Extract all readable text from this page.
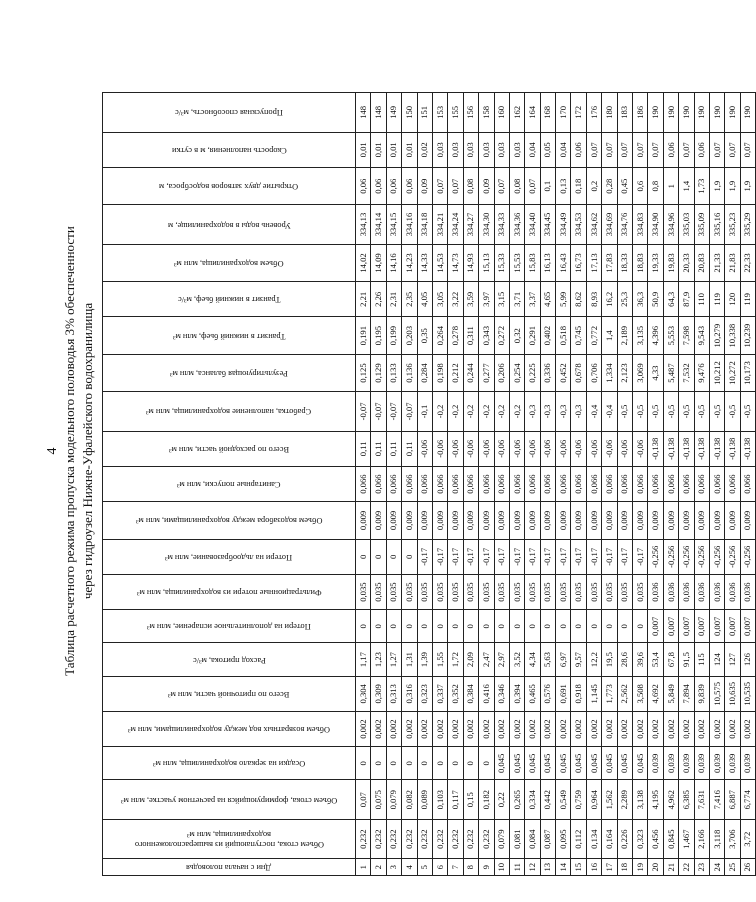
4 Таблица расчетного режима пропуска модельного половодья 3% обеспеченности через гидроузел Нижне-Уфалейского водохранилища
Дни с начала половодья	Объем стока, поступающий из вышерасположенного водохранилища, млн м³	Объем стока, формирующийся на расчетном участке, млн м³	Осадки на зеркало водохранилища, млн м³	Объем возвратных вод между водохранилищами, млн м³	Всего по приточной части, млн м³	Расход притока, м³/с	Потери на дополнительное испарение, млн м³	Фильтрационные потери из водохранилища, млн м³	Потери на льдообразование, млн м³	Объем водозабора между водохранилищами, млн м³	Санитарные попуски, млн м³	Всего по расходной части, млн м³	Сработка, наполнение водохранилища, млн м³	Результирующая баланса, млн м³	Транзит в нижний бьеф, млн м³	Транзит в нижний бьеф, м³/с	Объем водохранилища, млн м³	Уровень воды в водохранилище, м	Открытие двух затворов водосброса, м	Скорость наполнения, м в сутки	Пропускная способность, м³/с

1	0,232	0,07	0	0,002	0,304	1,17	0	0,035	0	0,009	0,066	0,11	-0,07	0,125	0,191	2,21	14,02	334,13	0,06	0,01	148
2	0,232	0,075	0	0,002	0,309	1,23	0	0,035	0	0,009	0,066	0,11	-0,07	0,129	0,195	2,26	14,09	334,14	0,06	0,01	148
3	0,232	0,079	0	0,002	0,313	1,27	0	0,035	0	0,009	0,066	0,11	-0,07	0,133	0,199	2,31	14,16	334,15	0,06	0,01	149
4	0,232	0,082	0	0,002	0,316	1,31	0	0,035	0	0,009	0,066	0,11	-0,07	0,136	0,203	2,35	14,23	334,16	0,06	0,01	150
5	0,232	0,089	0	0,002	0,323	1,39	0	0,035	-0,17	0,009	0,066	-0,06	-0,1	0,284	0,35	4,05	14,33	334,18	0,09	0,02	151
6	0,232	0,103	0	0,002	0,337	1,55	0	0,035	-0,17	0,009	0,066	-0,06	-0,2	0,198	0,264	3,05	14,53	334,21	0,07	0,03	153
7	0,232	0,117	0	0,002	0,352	1,72	0	0,035	-0,17	0,009	0,066	-0,06	-0,2	0,212	0,278	3,22	14,73	334,24	0,07	0,03	155
8	0,232	0,15	0	0,002	0,384	2,09	0	0,035	-0,17	0,009	0,066	-0,06	-0,2	0,244	0,311	3,59	14,93	334,27	0,08	0,03	156
9	0,232	0,182	0	0,002	0,416	2,47	0	0,035	-0,17	0,009	0,066	-0,06	-0,2	0,277	0,343	3,97	15,13	334,30	0,09	0,03	158
10	0,079	0,22	0,045	0,002	0,346	2,97	0	0,035	-0,17	0,009	0,066	-0,06	-0,2	0,206	0,272	3,15	15,33	334,33	0,07	0,03	160
11	0,081	0,265	0,045	0,002	0,394	3,52	0	0,035	-0,17	0,009	0,066	-0,06	-0,2	0,254	0,32	3,71	15,53	334,36	0,08	0,03	162
12	0,084	0,334	0,045	0,002	0,465	4,34	0	0,035	-0,17	0,009	0,066	-0,06	-0,3	0,225	0,291	3,37	15,83	334,40	0,07	0,04	164
13	0,087	0,442	0,045	0,002	0,576	5,63	0	0,035	-0,17	0,009	0,066	-0,06	-0,3	0,336	0,402	4,65	16,13	334,45	0,1	0,05	168
14	0,095	0,549	0,045	0,002	0,691	6,97	0	0,035	-0,17	0,009	0,066	-0,06	-0,3	0,452	0,518	5,99	16,43	334,49	0,13	0,04	170
15	0,112	0,759	0,045	0,002	0,918	9,57	0	0,035	-0,17	0,009	0,066	-0,06	-0,3	0,678	0,745	8,62	16,73	334,53	0,18	0,06	172
16	0,134	0,964	0,045	0,002	1,145	12,2	0	0,035	-0,17	0,009	0,066	-0,06	-0,4	0,706	0,772	8,93	17,13	334,62	0,2	0,07	176
17	0,164	1,562	0,045	0,002	1,773	19,5	0	0,035	-0,17	0,009	0,066	-0,06	-0,4	1,334	1,4	16,2	17,83	334,69	0,28	0,07	180
18	0,226	2,289	0,045	0,002	2,562	28,6	0	0,035	-0,17	0,009	0,066	-0,06	-0,5	2,123	2,189	25,3	18,33	334,76	0,45	0,07	183
19	0,323	3,138	0,045	0,002	3,508	39,6	0	0,035	-0,17	0,009	0,066	-0,06	-0,5	3,069	3,135	36,3	18,83	334,83	0,6	0,07	186
20	0,456	4,195	0,039	0,002	4,692	53,4	0,007	0,036	-0,256	0,009	0,066	-0,138	-0,5	4,33	4,396	50,9	19,33	334,90	0,8	0,07	190
21	0,845	4,962	0,039	0,002	5,849	67,8	0,007	0,036	-0,256	0,009	0,066	-0,138	-0,5	5,487	5,553	64,3	19,83	334,96	1	0,06	190
22	1,467	6,385	0,039	0,002	7,894	91,5	0,007	0,036	-0,256	0,009	0,066	-0,138	-0,5	7,532	7,598	87,9	20,33	335,03	1,4	0,07	190
23	2,166	7,631	0,039	0,002	9,839	115	0,007	0,036	-0,256	0,009	0,066	-0,138	-0,5	9,476	9,543	110	20,83	335,09	1,73	0,06	190
24	3,118	7,416	0,039	0,002	10,575	124	0,007	0,036	-0,256	0,009	0,066	-0,138	-0,5	10,212	10,279	119	21,33	335,16	1,9	0,07	190
25	3,706	6,887	0,039	0,002	10,635	127	0,007	0,036	-0,256	0,009	0,066	-0,138	-0,5	10,272	10,338	120	21,83	335,23	1,9	0,07	190
26	3,72	6,774	0,039	0,002	10,535	126	0,007	0,036	-0,256	0,009	0,066	-0,138	-0,5	10,173	10,239	119	22,33	335,29	1,9	0,07	190
